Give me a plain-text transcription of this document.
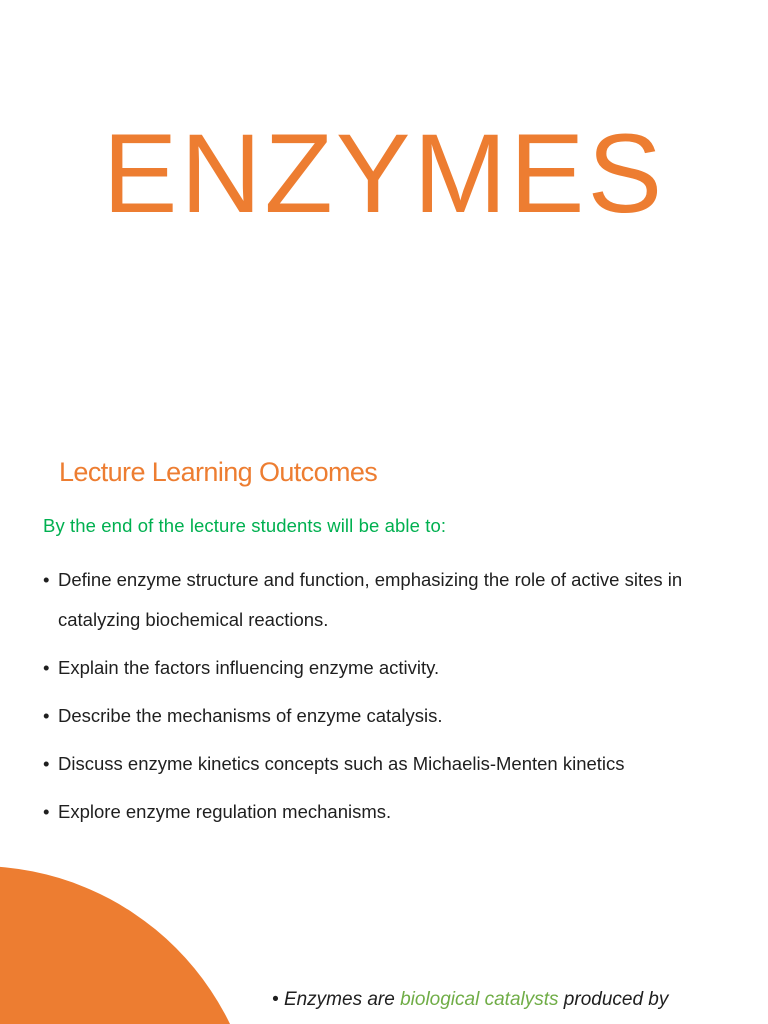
ENZYMES
Lecture Learning Outcomes

By the end of the lecture students will be able to:

• Define enzyme structure and function, emphasizing the role of active sites in catalyzing biochemical reactions.
• Explain the factors influencing enzyme activity.
• Describe the mechanisms of enzyme catalysis.
• Discuss enzyme kinetics concepts such as Michaelis-Menten kinetics
• Explore enzyme regulation mechanisms.

• Enzymes are biological catalysts produced by
